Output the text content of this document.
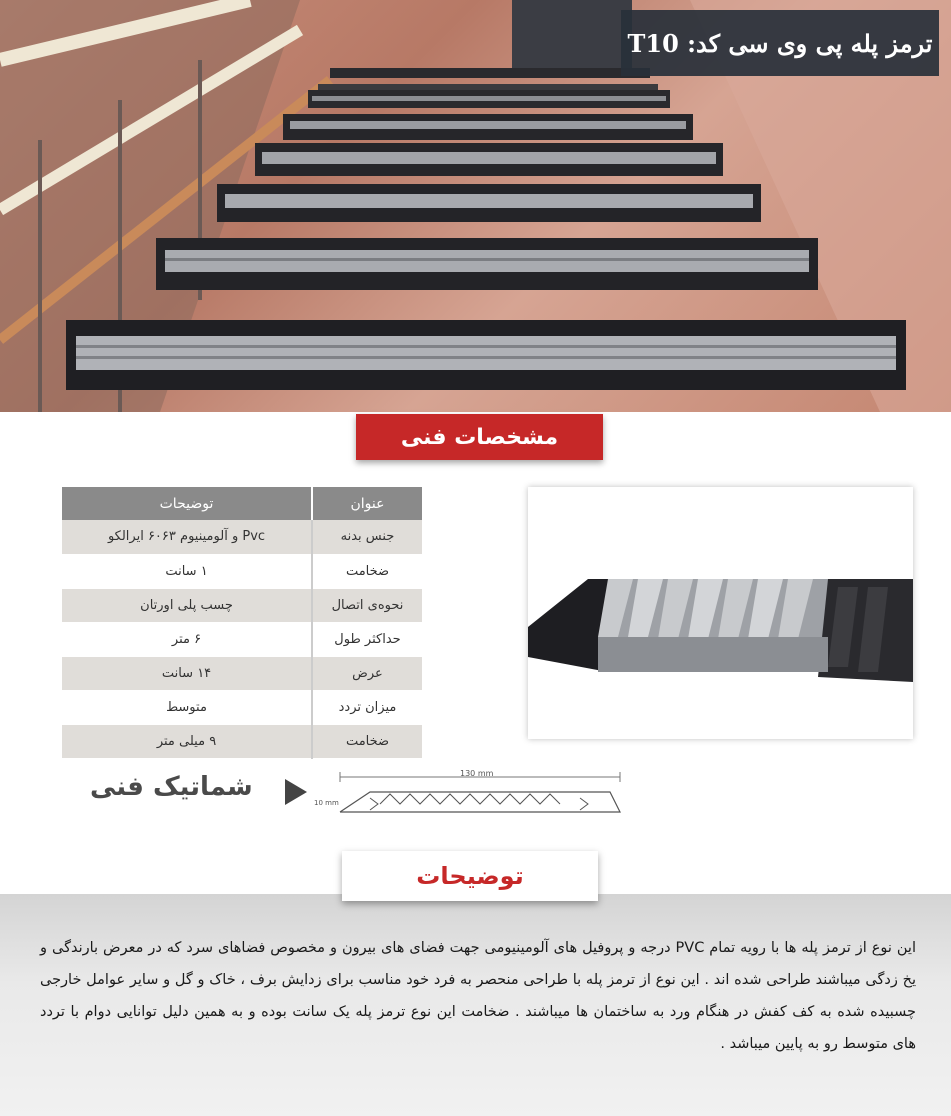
ترمز پله پی وی سی کد: T10
مشخصات فنی
عنوان	توضیحات
جنس بدنه	Pvc و آلومینیوم ۶۰۶۳ ایرالکو
ضخامت	۱ سانت
نحوه‌ی اتصال	چسب پلی اورتان
حداکثر طول	۶ متر
عرض	۱۴ سانت
میزان تردد	متوسط
ضخامت	۹ میلی متر
شماتیک فنی	130 mm
10 mm
توضیحات

این نوع از ترمز پله ها با رویه تمام PVC درجه و پروفیل های آلومینیومی جهت فضای های بیرون و مخصوص فضاهای سرد که در معرض بارندگی و یخ زدگی میباشند طراحی شده اند . این نوع از ترمز پله با طراحی منحصر به فرد خود مناسب برای زدایش برف ، خاک و گل و سایر عوامل خارجی چسبیده شده به کف کفش در هنگام ورد به ساختمان ها میباشند . ضخامت این نوع ترمز پله یک سانت بوده و به همین دلیل توانایی دوام با تردد های متوسط رو به پایین میباشد .
